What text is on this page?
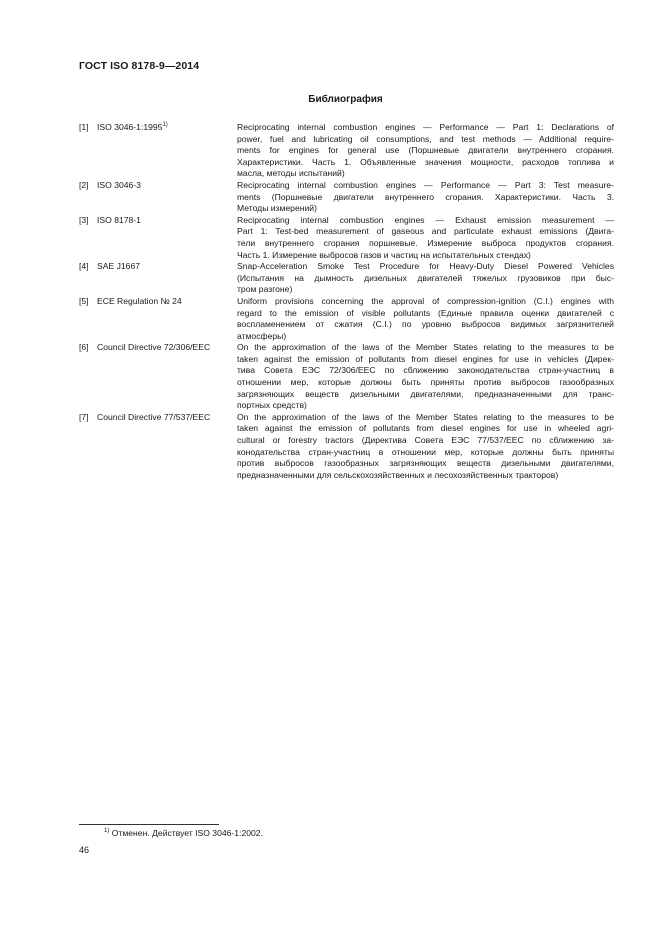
ГОСТ ISO 8178-9—2014
Библиография
[1] ISO 3046-1:1995$^{1)}$	Reciprocating internal combustion engines — Performance — Part 1: Declarations of
power, fuel and lubricating oil consumptions, and test methods — Additional require-
ments for engines for general use (Поршневые двигатели внутреннего сгорания.
Характеристики. Часть 1. Объявленные значения мощности, расходов топлива и
масла, методы испытаний)
[2] ISO 3046-3	Reciprocating internal combustion engines — Performance — Part 3: Test measure-
ments (Поршневые двигатели внутреннего сгорания. Характеристики. Часть 3.
Методы измерений)
[3] ISO 8178-1	Reciprocating internal combustion engines — Exhaust emission measurement —
Part 1: Test-bed measurement of gaseous and particulate exhaust emissions (Двига-
тели внутреннего сгорания поршневые. Измерение выброса продуктов сгорания.
Часть 1. Измерение выбросов газов и частиц на испытательных стендах)
[4] SAE J1667	Snap-Acceleration Smoke Test Procedure for Heavy-Duty Diesel Powered Vehicles
(Испытания на дымность дизельных двигателей тяжелых грузовиков при быс-
тром разгоне)
[5] ECE Regulation № 24	Uniform provisions concerning the approval of compression-ignition (C.I.) engines with
regard to the emission of visible pollutants (Единые правила оценки двигателей с
воспламенением от сжатия (C.I.) по уровню выбросов видимых загрязнителей
атмосферы)
[6] Council Directive 72/306/EEC	On the approximation of the laws of the Member States relating to the measures to be
taken against the emission of pollutants from diesel engines for use in vehicles (Дирек-
тива Совета ЕЭС 72/306/EEC по сближению законодательства стран-участниц в
отношении мер, которые должны быть приняты против выбросов газообразных
загрязняющих веществ дизельными двигателями, предназначенными для транс-
портных средств)
[7] Council Directive 77/537/EEC	On the approximation of the laws of the Member States relating to the measures to be
taken against the emission of pollutants from diesel engines for use in wheeled agri-
cultural or forestry tractors (Директива Совета ЕЭС 77/537/EEC по сближению за-
конодательства стран-участниц в отношении мер, которые должны быть приняты
против выбросов газообразных загрязняющих веществ дизельными двигателями,
предназначенными для сельскохозяйственных и лесохозяйственных тракторов)
$^{1)}$ Отменен. Действует ISO 3046-1:2002.
46
